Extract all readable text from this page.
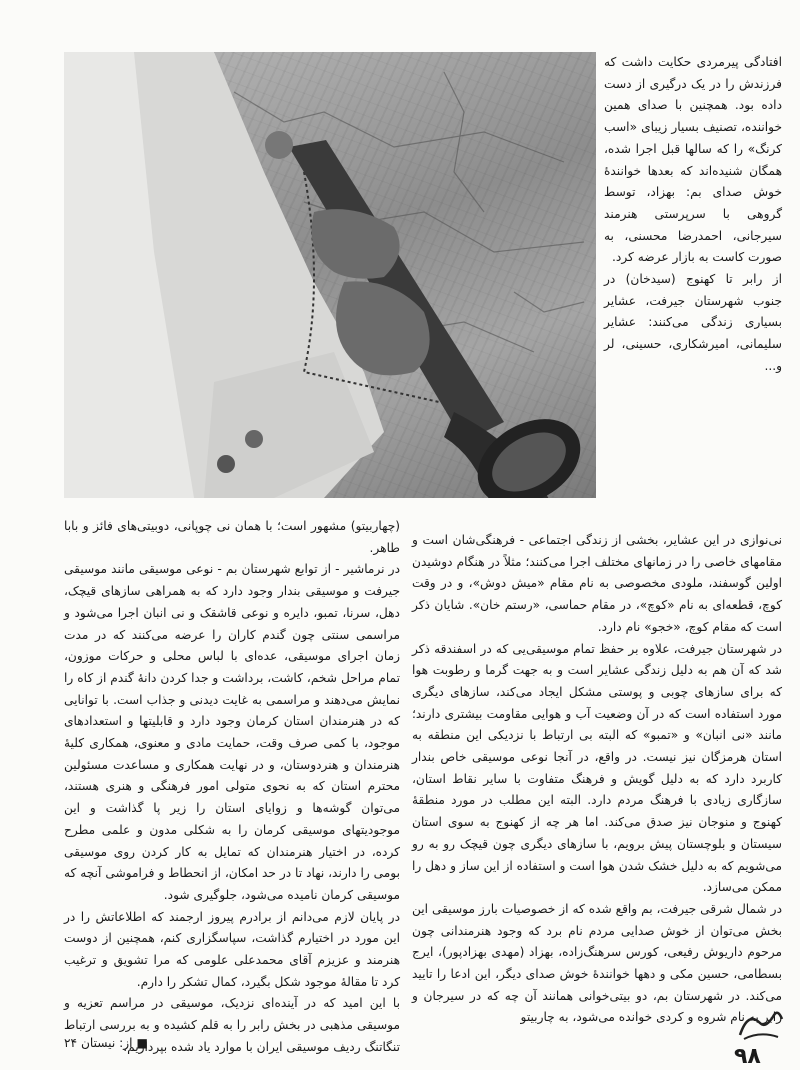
افتادگی پیرمردی حکایت داشت که فرزندش را در یک درگیری از دست داده بود. همچنین با صدای همین خواننده، تصنیف بسیار زیبای «اسب کرنگ» را که سالها قبل اجرا شده، همگان شنیده‌اند که بعدها خوانندهٔ خوش صدای بم: بهزاد، توسط گروهی با سرپرستی هنرمند سیرجانی، احمدرضا محسنی، به صورت کاست به بازار عرضه کرد.

از رابر تا کهنوج (سیدخان) در جنوب شهرستان جیرفت، عشایر بسیاری زندگی می‌کنند: عشایر سلیمانی، امیرشکاری، حسینی، لر و...

نی‌نوازی در این عشایر، بخشی از زندگی اجتماعی - فرهنگی‌شان است و مقامهای خاصی را در زمانهای مختلف اجرا می‌کنند؛ مثلاً در هنگام دوشیدن اولین گوسفند، ملودی مخصوصی به نام مقام «میش دوش»، و در وقت کوچ، قطعه‌ای به نام «کوچ»، در مقام حماسی، «رستم خان». شایان ذکر است که مقام کوچ، «خجو» نام دارد.

در شهرستان جیرفت، علاوه بر حفظ تمام موسیقی‌یی که در اسفندقه ذکر شد که آن هم به دلیل زندگی عشایر است و به جهت گرما و رطوبت هوا که برای سازهای چوبی و پوستی مشکل ایجاد می‌کند، سازهای دیگری مورد استفاده است که در آن وضعیت آب و هوایی مقاومت بیشتری دارند؛ مانند «نی انبان» و «تمبو» که البته بی ارتباط با نزدیکی این منطقه به استان هرمزگان نیز نیست. در واقع، در آنجا نوعی موسیقی خاص بندار کاربرد دارد که به دلیل گویش و فرهنگ متفاوت با سایر نقاط استان، سازگاری زیادی با فرهنگ مردم دارد. البته این مطلب در مورد منطقهٔ کهنوج و منوجان نیز صدق می‌کند. اما هر چه از کهنوج به سوی استان سیستان و بلوچستان پیش برویم، با سازهای دیگری چون قیچک رو به رو می‌شویم که به دلیل خشک شدن هوا است و استفاده از این ساز و دهل را ممکن می‌سازد.

در شمال شرقی جیرفت، بم واقع شده که از خصوصیات بارز موسیقی این بخش می‌توان از خوش صدایی مردم نام برد که وجود هنرمندانی چون مرحوم داریوش رفیعی، کورس سرهنگ‌زاده، بهزاد (مهدی بهزادپور)، ایرج بسطامی، حسین مکی و دهها خوانندهٔ خوش صدای دیگر، این ادعا را تایید می‌کند. در شهرستان بم، دو بیتی‌خوانی همانند آن چه که در سیرجان و رابر به نام شروه و کردی خوانده می‌شود، به چاربیتو

(چهاربیتو) مشهور است؛ با همان نی چوپانی، دوبیتی‌های فائز و بابا طاهر.

در نرماشیر - از توابع شهرستان بم - نوعی موسیقی مانند موسیقی جیرفت و موسیقی بندار وجود دارد که به همراهی سازهای قیچک، دهل، سرنا، تمبو، دایره و نوعی قاشقک و نی انبان اجرا می‌شود و مراسمی سنتی چون گندم کاران را عرضه می‌کنند که در مدت زمان اجرای موسیقی، عده‌ای با لباس محلی و حرکات موزون، تمام مراحل شخم، کاشت، برداشت و جدا کردن دانهٔ گندم از کاه را نمایش می‌دهند و مراسمی به غایت دیدنی و جذاب است. با توانایی که در هنرمندان استان کرمان وجود دارد و قابلیتها و استعدادهای موجود، با کمی صرف وقت، حمایت مادی و معنوی، همکاری کلیهٔ هنرمندان و هنردوستان، و در نهایت همکاری و مساعدت مسئولین محترم استان که به نحوی متولی امور فرهنگی و هنری هستند، می‌توان گوشه‌ها و زوایای استان را زیر پا گذاشت و این موجودیتهای موسیقی کرمان را به شکلی مدون و علمی مطرح کرده، در اختیار هنرمندان که تمایل به کار کردن روی موسیقی بومی را دارند، نهاد تا در حد امکان، از انحطاط و فراموشی آنچه که موسیقی کرمان نامیده می‌شود، جلوگیری شود.

در پایان لازم می‌دانم از برادرم پیروز ارجمند که اطلاعاتش را در این مورد در اختیارم گذاشت، سپاسگزاری کنم، همچنین از دوست هنرمند و عزیزم آقای محمدعلی علومی که مرا تشویق و ترغیب کرد تا مقالهٔ موجود شکل بگیرد، کمال تشکر را دارم.

با این امید که در آینده‌ای نزدیک، موسیقی در مراسم تعزیه و موسیقی مذهبی در بخش رابر را به قلم کشیده و به بررسی ارتباط تنگاتنگ ردیف موسیقی ایران با موارد یاد شده بپردازیم.

■ از: نیستان ۲۴
۹۸
